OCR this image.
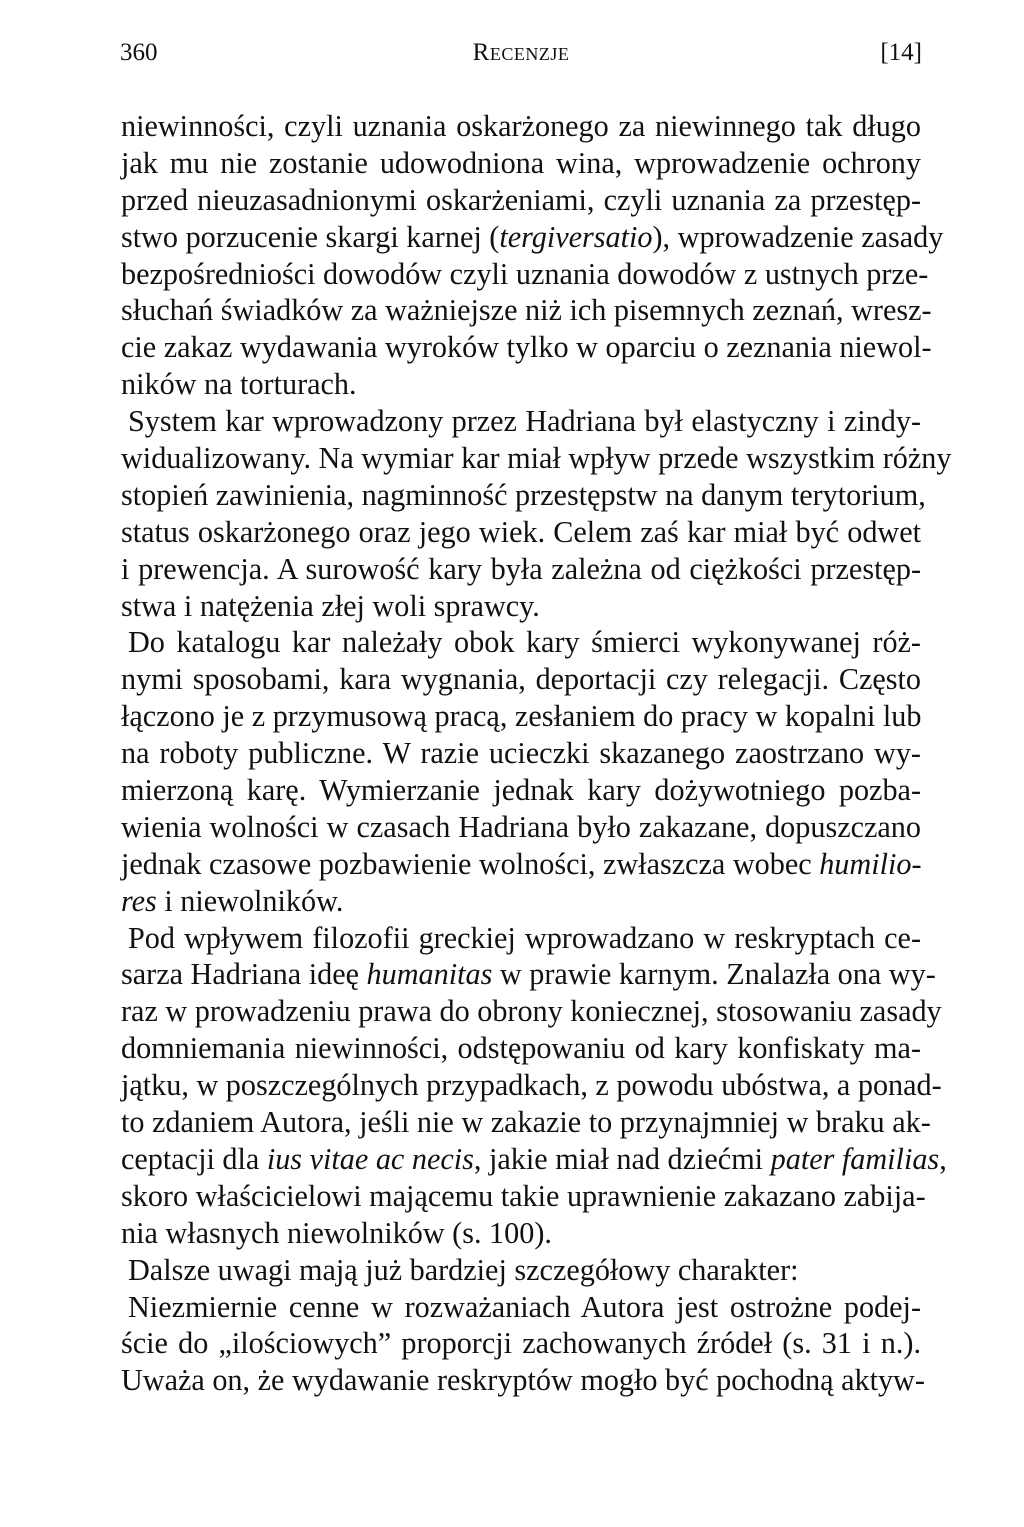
360	Recenzje	[14]
niewinności, czyli uznania oskarżonego za niewinnego tak długo
jak mu nie zostanie udowodniona wina, wprowadzenie ochrony
przed nieuzasadnionymi oskarżeniami, czyli uznania za przestęp-
stwo porzucenie skargi karnej (tergiversatio), wprowadzenie zasady
bezpośredniości dowodów czyli uznania dowodów z ustnych prze-
słuchań świadków za ważniejsze niż ich pisemnych zeznań, wresz-
cie zakaz wydawania wyroków tylko w oparciu o zeznania niewol-
ników na torturach.
System kar wprowadzony przez Hadriana był elastyczny i zindy-
widualizowany. Na wymiar kar miał wpływ przede wszystkim różny
stopień zawinienia, nagminność przestępstw na danym terytorium,
status oskarżonego oraz jego wiek. Celem zaś kar miał być odwet
i prewencja. A surowość kary była zależna od ciężkości przestęp-
stwa i natężenia złej woli sprawcy.
Do katalogu kar należały obok kary śmierci wykonywanej róż-
nymi sposobami, kara wygnania, deportacji czy relegacji. Często
łączono je z przymusową pracą, zesłaniem do pracy w kopalni lub
na roboty publiczne. W razie ucieczki skazanego zaostrzano wy-
mierzoną karę. Wymierzanie jednak kary dożywotniego pozba-
wienia wolności w czasach Hadriana było zakazane, dopuszczano
jednak czasowe pozbawienie wolności, zwłaszcza wobec humilio-
res i niewolników.
Pod wpływem filozofii greckiej wprowadzano w reskryptach ce-
sarza Hadriana ideę humanitas w prawie karnym. Znalazła ona wy-
raz w prowadzeniu prawa do obrony koniecznej, stosowaniu zasady
domniemania niewinności, odstępowaniu od kary konfiskaty ma-
jątku, w poszczególnych przypadkach, z powodu ubóstwa, a ponad-
to zdaniem Autora, jeśli nie w zakazie to przynajmniej w braku ak-
ceptacji dla ius vitae ac necis, jakie miał nad dziećmi pater familias,
skoro właścicielowi mającemu takie uprawnienie zakazano zabija-
nia własnych niewolników (s. 100).
Dalsze uwagi mają już bardziej szczegółowy charakter:
Niezmiernie cenne w rozważaniach Autora jest ostrożne podej-
ście do „ilościowych” proporcji zachowanych źródeł (s. 31 i n.).
Uważa on, że wydawanie reskryptów mogło być pochodną aktyw-
